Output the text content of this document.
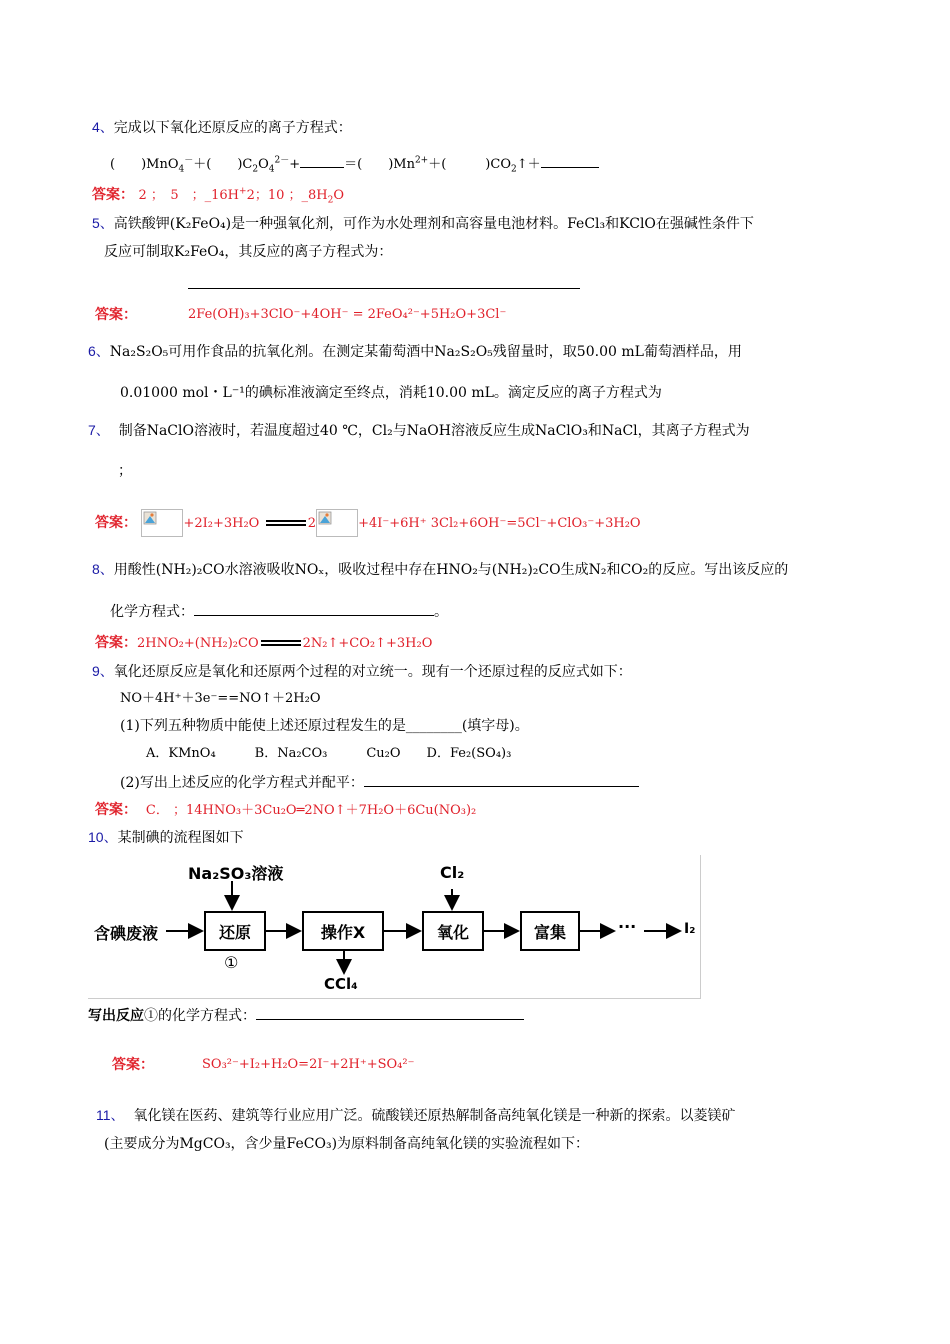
4、完成以下氧化还原反应的离子方程式：
(　　)MnO$_4$－＋(　　)$C_2O_4^{2-}+$	＝(　　)$Mn^{2+}+$(　　　)$CO_2↑+$
答案： 2 ；　5　；_16H+2；10 ；$\_8H_2O$
5、高铁酸钾(K₂FeO₄)是一种强氧化剂，可作为水处理剂和高容量电池材料。FeCl₃和KClO在强碱性条件下
反应可制取K₂FeO₄，其反应的离子方程式为：
答案：	2Fe(OH)₃+3ClO⁻+4OH⁻ = 2FeO₄²⁻+5H₂O+3Cl⁻
6、Na₂S₂O₅可用作食品的抗氧化剂。在测定某葡萄酒中Na₂S₂O₅残留量时，取50.00 mL葡萄酒样品，用
0.01000 mol・L⁻¹的碘标准液滴定至终点，消耗10.00 mL。滴定反应的离子方程式为
7、 制备NaClO溶液时，若温度超过40 ℃，Cl₂与NaOH溶液反应生成NaClO₃和NaCl，其离子方程式为
；
答案：	+2I₂+3H₂O	2	+4I⁻+6H⁺ 3Cl₂+6OH⁻=5Cl⁻+ClO₃⁻+3H₂O
8、用酸性(NH₂)₂CO水溶液吸收NOₓ，吸收过程中存在HNO₂与(NH₂)₂CO生成N₂和CO₂的反应。写出该反应的
化学方程式：	。
答案：2HNO₂+(NH₂)₂CO	2N₂↑+CO₂↑+3H₂O
9、氧化还原反应是氧化和还原两个过程的对立统一。现有一个还原过程的反应式如下：
NO＋4H⁺＋3e⁻==NO↑＋2H₂O
(1)下列五种物质中能使上述还原过程发生的是________(填字母)。
A．KMnO₄　　　B．Na₂CO₃　　　Cu₂O　　D．Fe₂(SO₄)₃
(2)写出上述反应的化学方程式并配平：
答案： C． ；14HNO₃＋3Cu₂O═2NO↑＋7H₂O＋6Cu(NO₃)₂
10、某制碘的流程图如下
含碘废液
Na₂SO₃溶液
还原
①
操作X
CCl₄
Cl₂
氧化	富集	···	I₂
写出反应①的化学方程式：
答案：	SO₃²⁻+I₂+H₂O=2I⁻+2H⁺+SO₄²⁻
11、 氧化镁在医药、建筑等行业应用广泛。硫酸镁还原热解制备高纯氧化镁是一种新的探索。以菱镁矿
(主要成分为MgCO₃，含少量FeCO₃)为原料制备高纯氧化镁的实验流程如下：
